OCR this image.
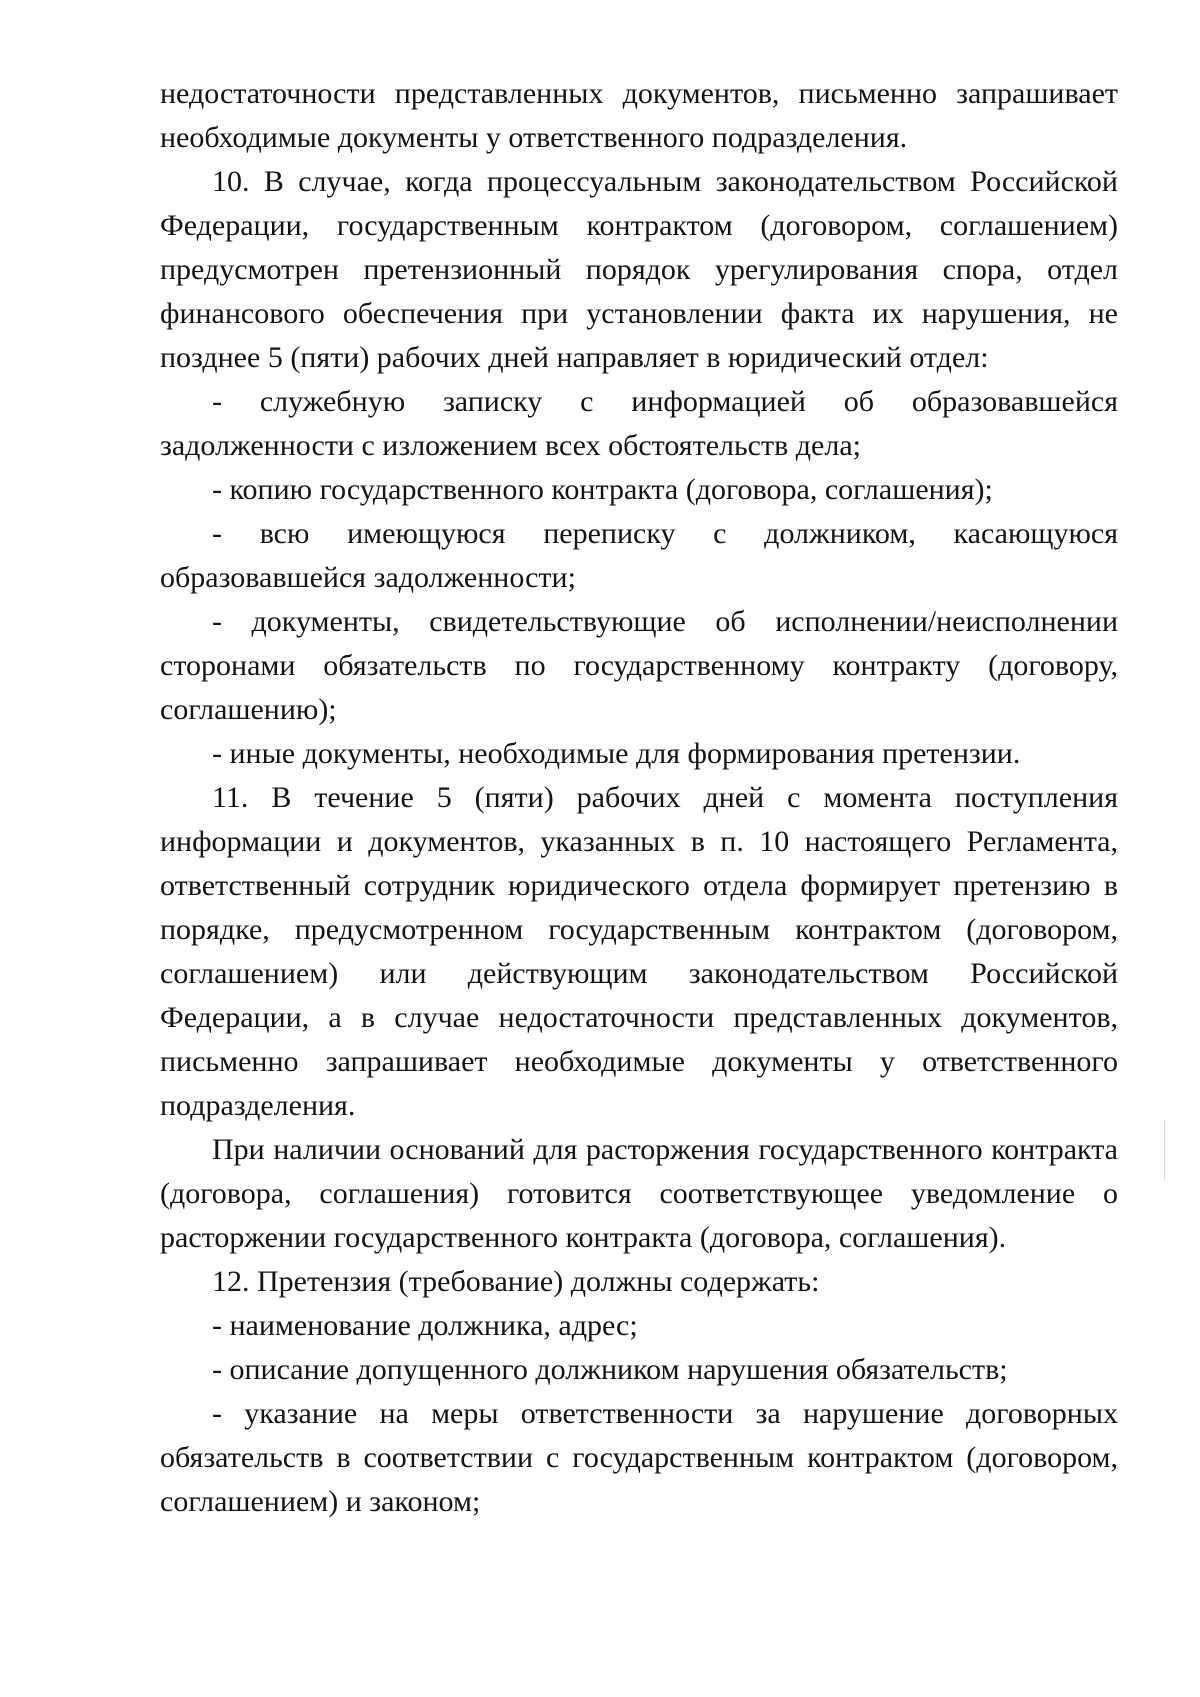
недостаточности представленных документов, письменно запрашивает необходимые документы у ответственного подразделения.

10. В случае, когда процессуальным законодательством Российской Федерации, государственным контрактом (договором, соглашением) предусмотрен претензионный порядок урегулирования спора, отдел финансового обеспечения при установлении факта их нарушения, не позднее 5 (пяти) рабочих дней направляет в юридический отдел:

- служебную записку с информацией об образовавшейся задолженности с изложением всех обстоятельств дела;

- копию государственного контракта (договора, соглашения);

- всю имеющуюся переписку с должником, касающуюся образовавшейся задолженности;

- документы, свидетельствующие об исполнении/неисполнении сторонами обязательств по государственному контракту (договору, соглашению);

- иные документы, необходимые для формирования претензии.

11. В течение 5 (пяти) рабочих дней с момента поступления информации и документов, указанных в п. 10 настоящего Регламента, ответственный сотрудник юридического отдела формирует претензию в порядке, предусмотренном государственным контрактом (договором, соглашением) или действующим законодательством Российской Федерации, а в случае недостаточности представленных документов, письменно запрашивает необходимые документы у ответственного подразделения.

При наличии оснований для расторжения государственного контракта (договора, соглашения) готовится соответствующее уведомление о расторжении государственного контракта (договора, соглашения).

12. Претензия (требование) должны содержать:

- наименование должника, адрес;

- описание допущенного должником нарушения обязательств;

- указание на меры ответственности за нарушение договорных обязательств в соответствии с государственным контрактом (договором, соглашением) и законом;
